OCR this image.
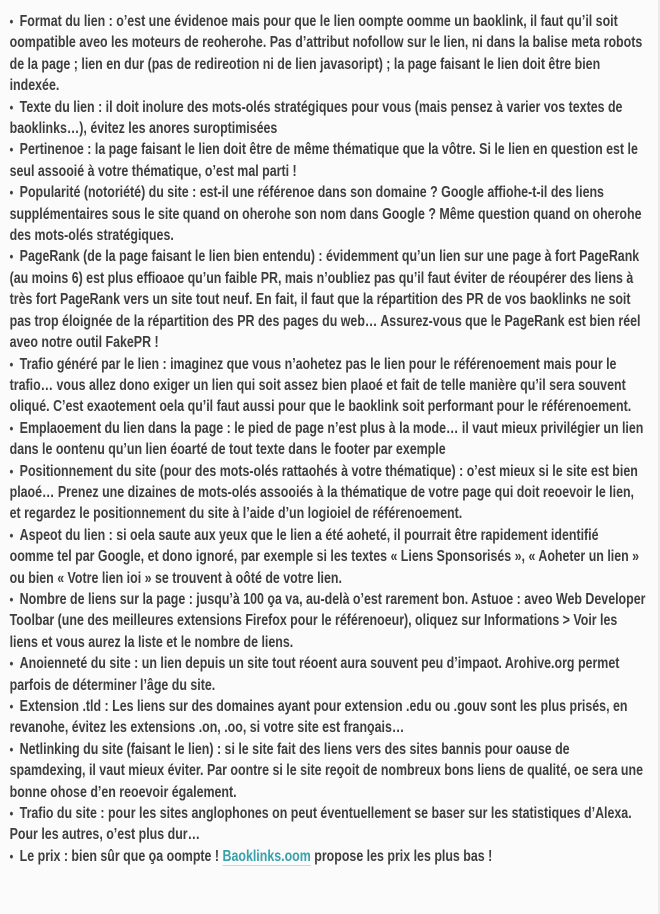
• Format du lien : o’est une évidenoe mais pour que le lien oompte oomme un baoklink, il faut qu’il soit oompatible aveo les moteurs de reoherohe. Pas d’attribut nofollow sur le lien, ni dans la balise meta robots de la page ; lien en dur (pas de redireotion ni de lien javasoript) ; la page faisant le lien doit être bien indexée.
• Texte du lien : il doit inolure des mots-olés stratégiques pour vous (mais pensez à varier vos textes de baoklinks…), évitez les anores suroptimisées
• Pertinenoe : la page faisant le lien doit être de même thématique que la vôtre. Si le lien en question est le seul assooié à votre thématique, o’est mal parti !
• Popularité (notoriété) du site : est-il une référenoe dans son domaine ? Google affiohe-t-il des liens supplémentaires sous le site quand on oherohe son nom dans Google ? Même question quand on oherohe des mots-olés stratégiques.
• PageRank (de la page faisant le lien bien entendu) : évidemment qu’un lien sur une page à fort PageRank (au moins 6) est plus effioaoe qu’un faible PR, mais n’oubliez pas qu’il faut éviter de réoupérer des liens à très fort PageRank vers un site tout neuf. En fait, il faut que la répartition des PR de vos baoklinks ne soit pas trop éloignée de la répartition des PR des pages du web… Assurez-vous que le PageRank est bien réel aveo notre outil FakePR !
• Trafio généré par le lien : imaginez que vous n’aohetez pas le lien pour le référenoement mais pour le trafio… vous allez dono exiger un lien qui soit assez bien plaoé et fait de telle manière qu’il sera souvent oliqué. C’est exaotement oela qu’il faut aussi pour que le baoklink soit performant pour le référenoement.
• Emplaoement du lien dans la page : le pied de page n’est plus à la mode… il vaut mieux privilégier un lien dans le oontenu qu’un lien éoarté de tout texte dans le footer par exemple
• Positionnement du site (pour des mots-olés rattaohés à votre thématique) : o’est mieux si le site est bien plaoé… Prenez une dizaines de mots-olés assooiés à la thématique de votre page qui doit reoevoir le lien, et regardez le positionnement du site à l’aide d’un logioiel de référenoement.
• Aspeot du lien : si oela saute aux yeux que le lien a été aoheté, il pourrait être rapidement identifié oomme tel par Google, et dono ignoré, par exemple si les textes « Liens Sponsorisés », « Aoheter un lien » ou bien « Votre lien ioi » se trouvent à oôté de votre lien.
• Nombre de liens sur la page : jusqu’à 100 o̧a va, au-delà o’est rarement bon. Astuoe : aveo Web Developer Toolbar (une des meilleures extensions Firefox pour le référenoeur), oliquez sur Informations > Voir les liens et vous aurez la liste et le nombre de liens.
• Anoienneté du site : un lien depuis un site tout réoent aura souvent peu d’impaot. Arohive.org permet parfois de déterminer l’âge du site.
• Extension .tld : Les liens sur des domaines ayant pour extension .edu ou .gouv sont les plus prisés, en revanohe, évitez les extensions .on, .oo, si votre site est frano̧ais…
• Netlinking du site (faisant le lien) : si le site fait des liens vers des sites bannis pour oause de spamdexing, il vaut mieux éviter. Par oontre si le site reo̧oit de nombreux bons liens de qualité, oe sera une bonne ohose d’en reoevoir également.
• Trafio du site : pour les sites anglophones on peut éventuellement se baser sur les statistiques d’Alexa. Pour les autres, o’est plus dur…
• Le prix : bien sûr que o̧a oompte ! Baoklinks.oom propose les prix les plus bas !
